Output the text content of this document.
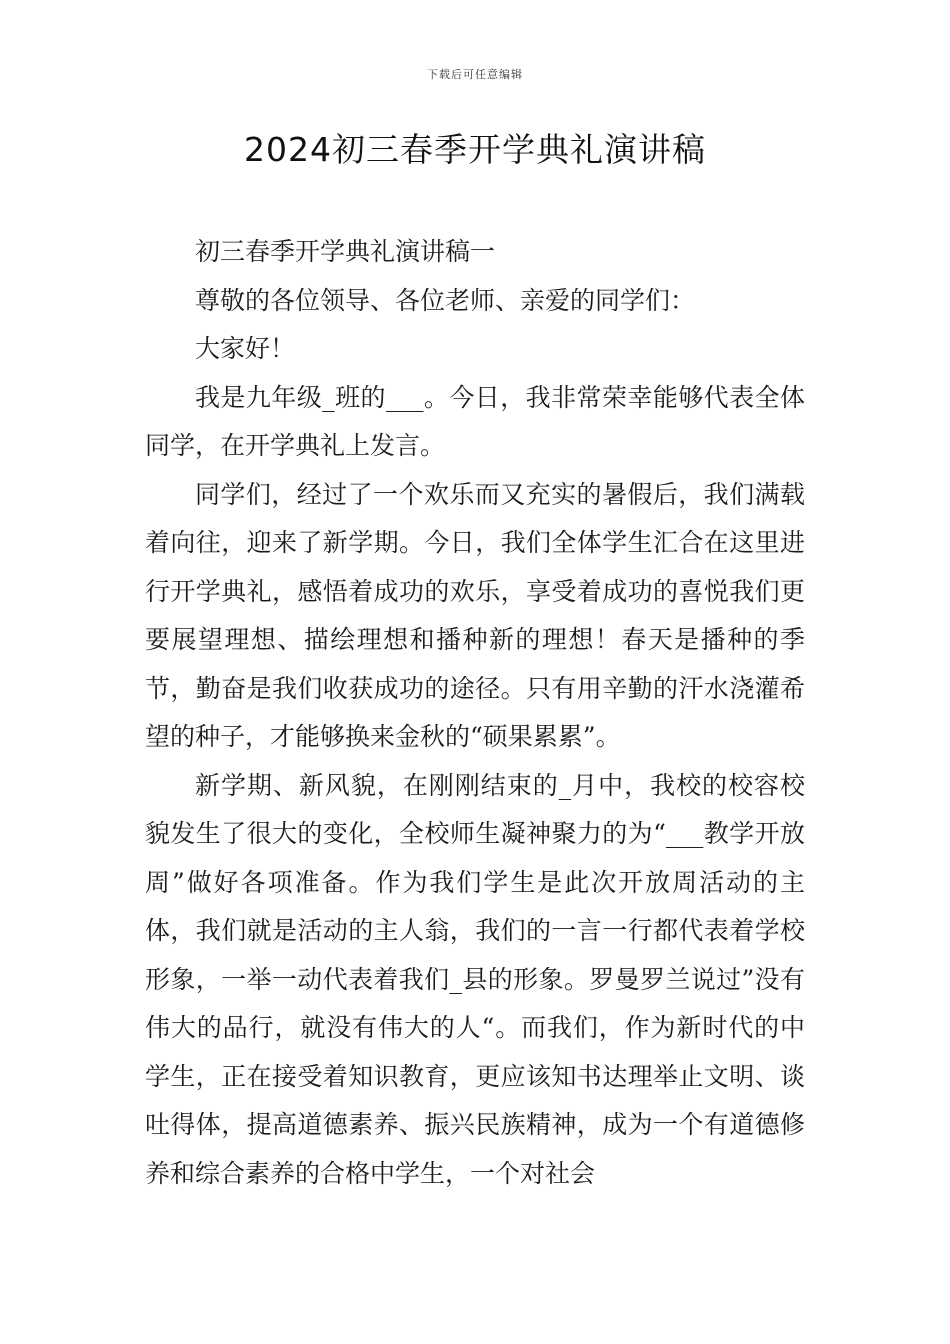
下载后可任意编辑
2024初三春季开学典礼演讲稿

初三春季开学典礼演讲稿一

尊敬的各位领导、各位老师、亲爱的同学们：

大家好！

我是九年级_班的___。今日，我非常荣幸能够代表全体同学，在开学典礼上发言。

同学们，经过了一个欢乐而又充实的暑假后，我们满载着向往，迎来了新学期。今日，我们全体学生汇合在这里进行开学典礼，感悟着成功的欢乐，享受着成功的喜悦我们更要展望理想、描绘理想和播种新的理想！春天是播种的季节，勤奋是我们收获成功的途径。只有用辛勤的汗水浇灌希望的种子，才能够换来金秋的“硕果累累”。

新学期、新风貌，在刚刚结束的_月中，我校的校容校貌发生了很大的变化，全校师生凝神聚力的为“___教学开放周”做好各项准备。作为我们学生是此次开放周活动的主体，我们就是活动的主人翁，我们的一言一行都代表着学校形象，一举一动代表着我们_县的形象。罗曼罗兰说过”没有伟大的品行，就没有伟大的人“。而我们，作为新时代的中学生，正在接受着知识教育，更应该知书达理举止文明、谈吐得体，提高道德素养、振兴民族精神，成为一个有道德修养和综合素养的合格中学生，一个对社会
